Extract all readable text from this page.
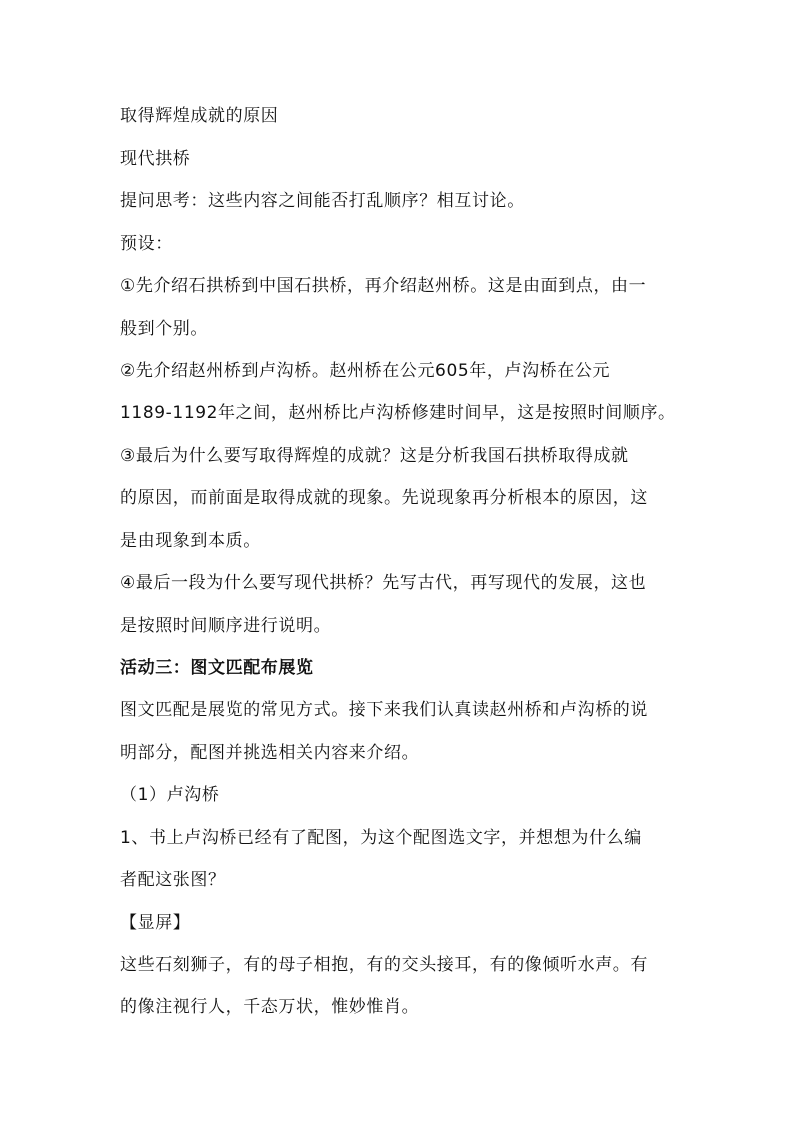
取得辉煌成就的原因
现代拱桥
提问思考：这些内容之间能否打乱顺序？相互讨论。
预设：
①先介绍石拱桥到中国石拱桥，再介绍赵州桥。这是由面到点，由一
般到个别。
②先介绍赵州桥到卢沟桥。赵州桥在公元605年，卢沟桥在公元
1189-1192年之间，赵州桥比卢沟桥修建时间早，这是按照时间顺序。
③最后为什么要写取得辉煌的成就？这是分析我国石拱桥取得成就
的原因，而前面是取得成就的现象。先说现象再分析根本的原因，这
是由现象到本质。
④最后一段为什么要写现代拱桥？先写古代，再写现代的发展，这也
是按照时间顺序进行说明。
活动三：图文匹配布展览
图文匹配是展览的常见方式。接下来我们认真读赵州桥和卢沟桥的说
明部分，配图并挑选相关内容来介绍。
（1）卢沟桥
1、书上卢沟桥已经有了配图，为这个配图选文字，并想想为什么编
者配这张图？
【显屏】
这些石刻狮子，有的母子相抱，有的交头接耳，有的像倾听水声。有
的像注视行人，千态万状，惟妙惟肖。
